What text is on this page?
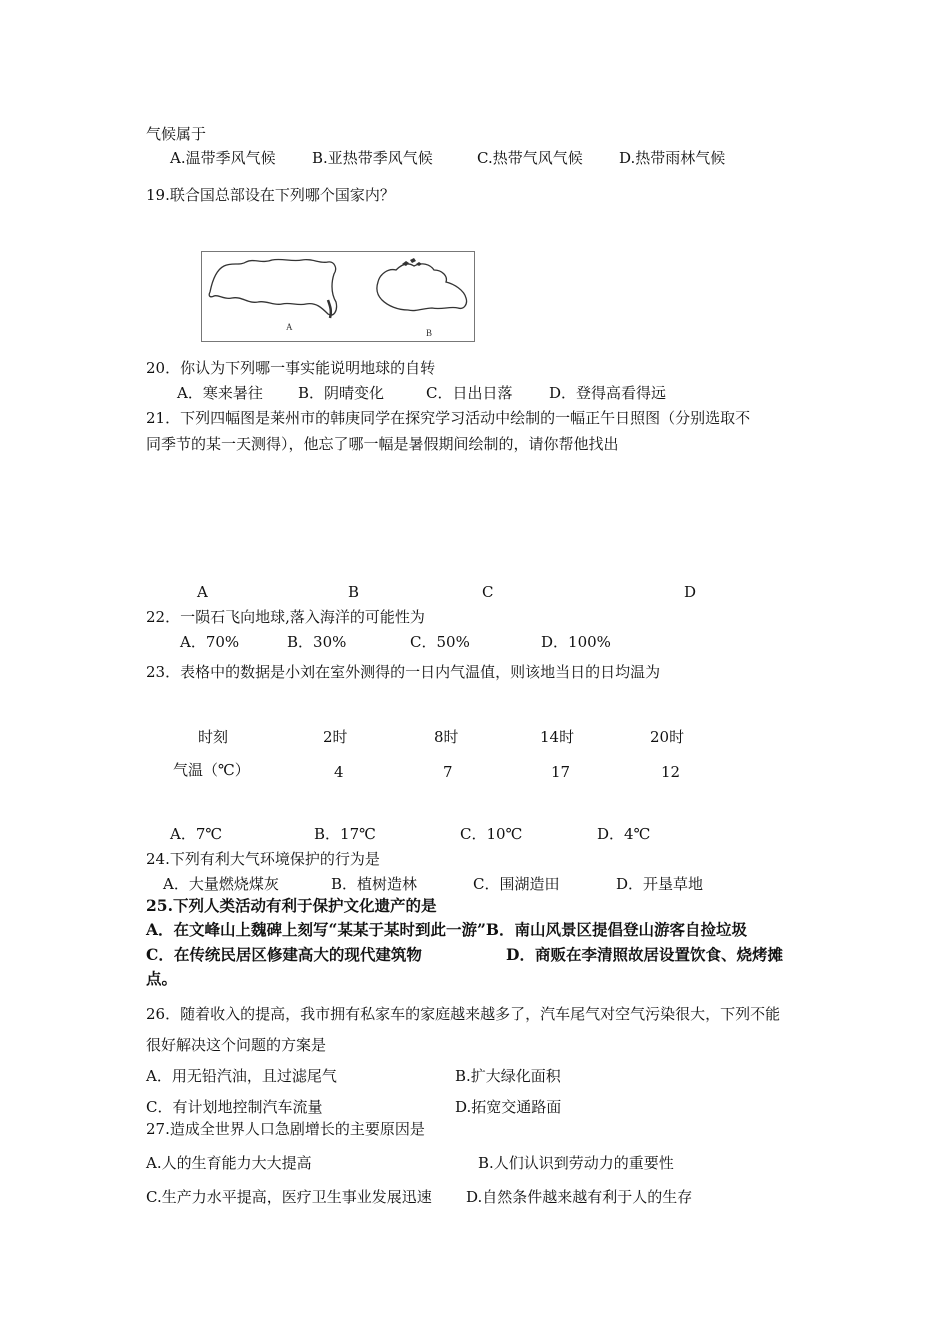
气候属于
A.温带季风气候 B.亚热带季风气候	C.热带气风气候 D.热带雨林气候
19.联合国总部设在下列哪个国家内？
A
B
20．你认为下列哪一事实能说明地球的自转
A．寒来暑往 B．阴晴变化	C．日出日落 D．登得高看得远
21．下列四幅图是莱州市的韩庚同学在探究学习活动中绘制的一幅正午日照图（分别选取不
同季节的某一天测得），他忘了哪一幅是暑假期间绘制的，请你帮他找出
A	B	C	D
22．一陨石飞向地球,落入海洋的可能性为
A．70%	B．30%	C．50%	D．100%
23．表格中的数据是小刘在室外测得的一日内气温值，则该地当日的日均温为
时刻	2时	8时	14时	20时
气温（℃）	4	7	17	12
A．7℃	B．17℃	C．10℃	D．4℃
24.下列有利大气环境保护的行为是
A．大量燃烧煤灰	B．植树造林	C．围湖造田	D．开垦草地
25.下列人类活动有利于保护文化遗产的是
A．在文峰山上魏碑上刻写“某某于某时到此一游”B．南山风景区提倡登山游客自捡垃圾
C．在传统民居区修建高大的现代建筑物	D．商贩在李清照故居设置饮食、烧烤摊
点。
26．随着收入的提高，我市拥有私家车的家庭越来越多了，汽车尾气对空气污染很大，下列不能
很好解决这个问题的方案是
A．用无铅汽油，且过滤尾气	B.扩大绿化面积
C．有计划地控制汽车流量	D.拓宽交通路面
27.造成全世界人口急剧增长的主要原因是
A.人的生育能力大大提高	B.人们认识到劳动力的重要性
C.生产力水平提高，医疗卫生事业发展迅速 D.自然条件越来越有利于人的生存
